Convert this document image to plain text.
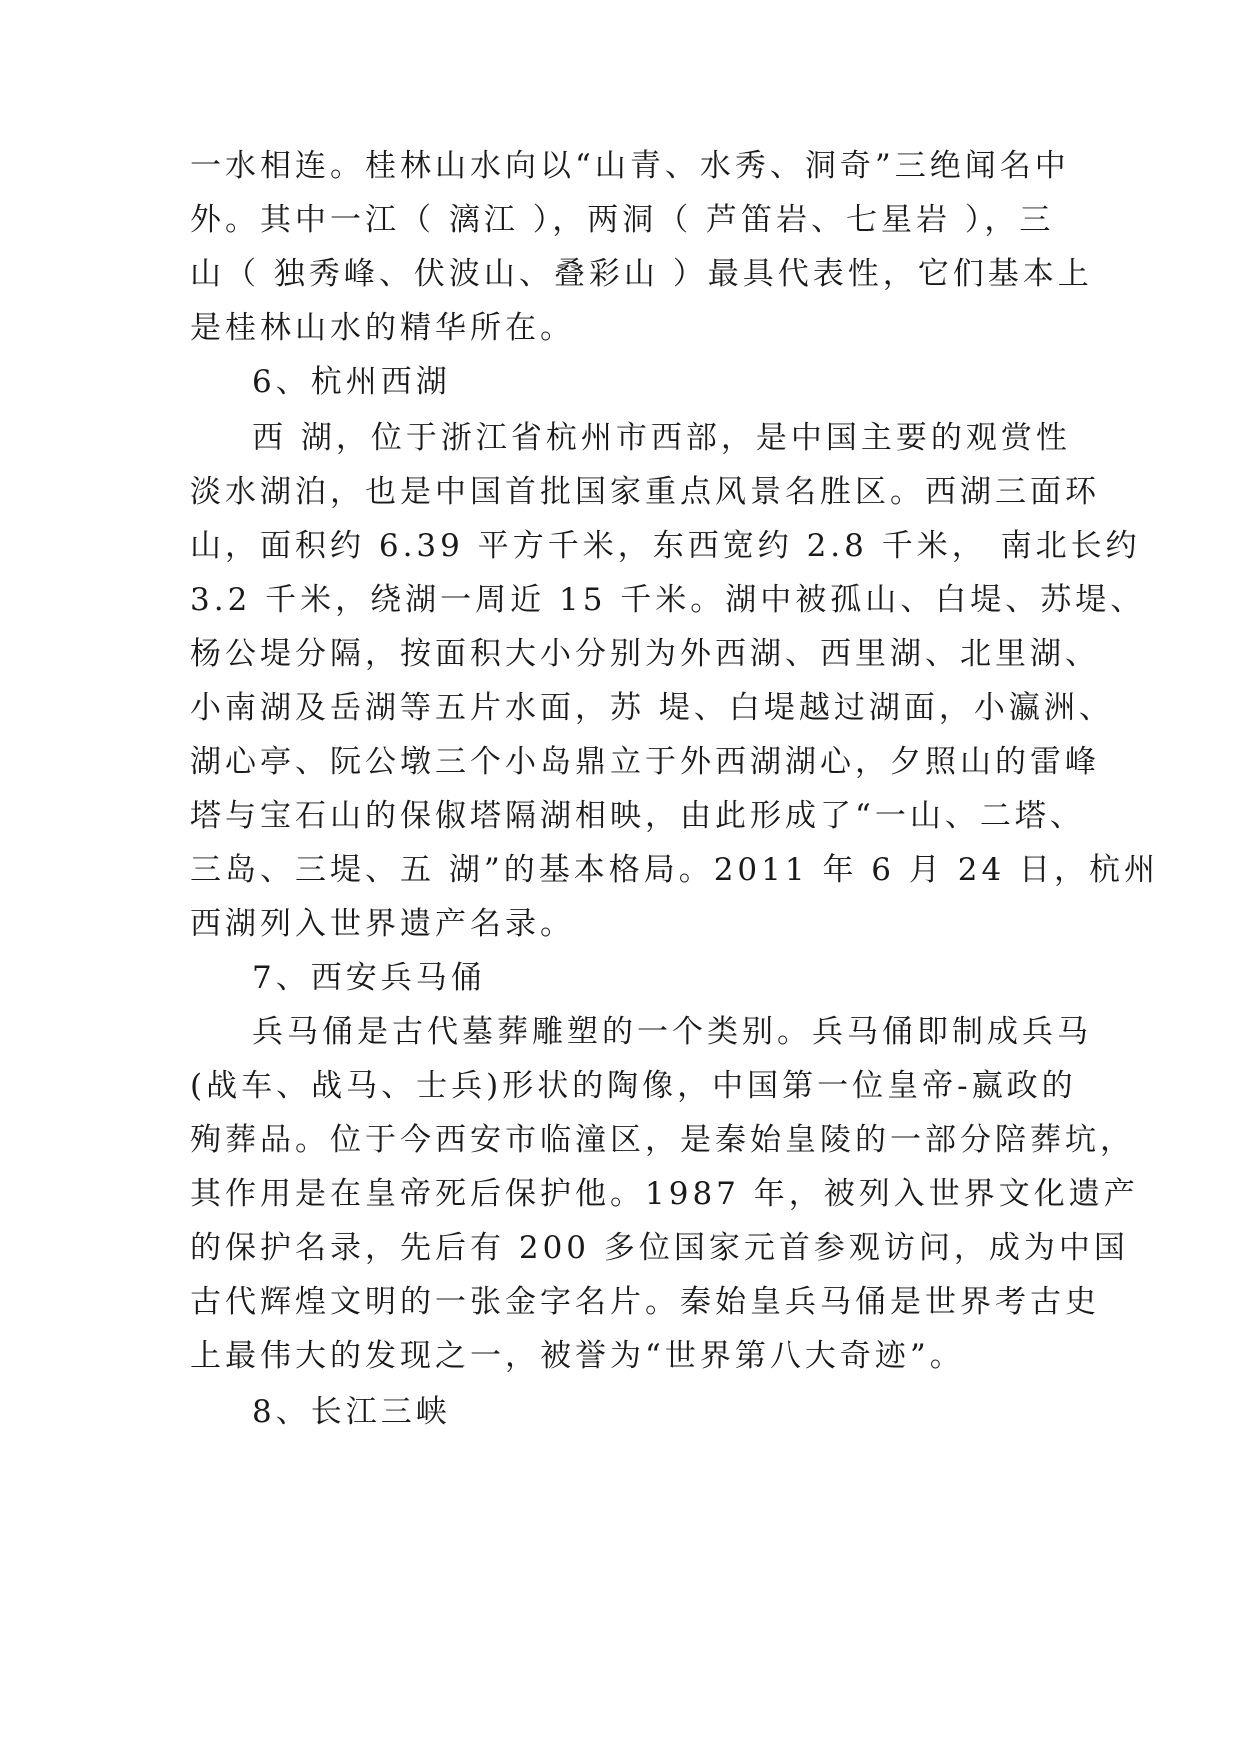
一水相连。桂林山水向以“山青、水秀、洞奇”三绝闻名中
外。其中一江（ 漓江 ），两洞（ 芦笛岩、七星岩 ），三
山（ 独秀峰、伏波山、叠彩山 ）最具代表性，它们基本上
是桂林山水的精华所在。
6、杭州西湖
西 湖，位于浙江省杭州市西部，是中国主要的观赏性
淡水湖泊，也是中国首批国家重点风景名胜区。西湖三面环
山，面积约 6.39 平方千米，东西宽约 2.8 千米， 南北长约
3.2 千米，绕湖一周近 15 千米。湖中被孤山、白堤、苏堤、
杨公堤分隔，按面积大小分别为外西湖、西里湖、北里湖、
小南湖及岳湖等五片水面，苏 堤、白堤越过湖面，小瀛洲、
湖心亭、阮公墩三个小岛鼎立于外西湖湖心，夕照山的雷峰
塔与宝石山的保俶塔隔湖相映，由此形成了“一山、二塔、
三岛、三堤、五 湖”的基本格局。2011 年 6 月 24 日，杭州
西湖列入世界遗产名录。
7、西安兵马俑
兵马俑是古代墓葬雕塑的一个类别。兵马俑即制成兵马
(战车、战马、士兵)形状的陶像，中国第一位皇帝-嬴政的
殉葬品。位于今西安市临潼区，是秦始皇陵的一部分陪葬坑，
其作用是在皇帝死后保护他。1987 年，被列入世界文化遗产
的保护名录，先后有 200 多位国家元首参观访问，成为中国
古代辉煌文明的一张金字名片。秦始皇兵马俑是世界考古史
上最伟大的发现之一，被誉为“世界第八大奇迹”。
8、长江三峡
